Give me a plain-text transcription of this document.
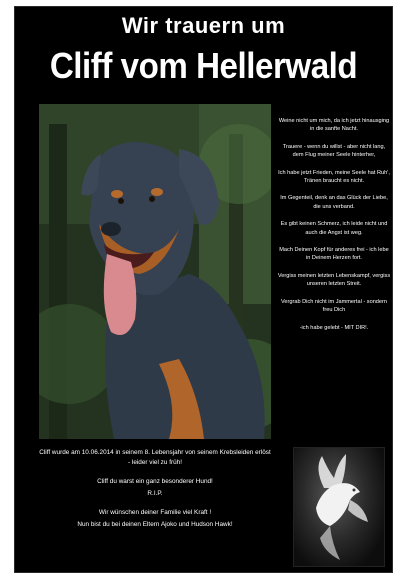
Wir trauern um
Cliff vom Hellerwald

Weine nicht um mich, da ich jetzt hinausging in die sanfte Nacht.

Trauere - wenn du willst - aber nicht lang, dem Flug meiner Seele hinterher,

Ich habe jetzt Frieden, meine Seele hat Ruh', Tränen braucht es nicht.

Im Gegenteil, denk an das Glück der Liebe, die uns verband.

Es gibt keinen Schmerz, ich leide nicht und auch die Angst ist weg.

Mach Deinen Kopf für anderes frei - ich lebe in Deinem Herzen fort.

Vergiss meinen letzten Lebenskampf, vergiss unseren letzten Streit.

Vergrab Dich nicht im Jammertal - sondern freu Dich

-ich habe gelebt - MIT DIR!.

Cliff wurde am 10.06.2014 in seinem 8. Lebensjahr von seinem Krebsleiden erlöst - leider viel zu früh!

Cliff du warst ein ganz besonderer Hund!

R.I.P.

Wir wünschen deiner Familie viel Kraft !

Nun bist du bei deinen Eltern Ajoko und Hudson Hawk!
